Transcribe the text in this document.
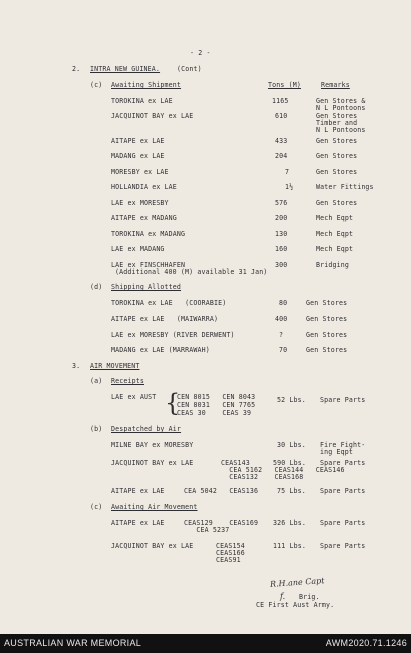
- 2 -
2. INTRA NEW GUINEA.	(Cont)
(c) Awaiting Shipment	Tons (M)	Remarks
TOROKINA ex LAE	1165	Gen Stores &
N L Pontoons
JACQUINOT BAY ex LAE	610	Gen Stores
Timber and
N L Pontoons
AITAPE ex LAE	433	Gen Stores
MADANG ex LAE	204	Gen Stores
MORESBY ex LAE	7	Gen Stores
HOLLANDIA ex LAE	1½	Water Fittings
LAE ex MORESBY	576	Gen Stores
AITAPE ex MADANG	200	Mech Eqpt
TOROKINA ex MADANG	130	Mech Eqpt
LAE ex MADANG	160	Mech Eqpt
LAE ex FINSCHHAFEN	300	Bridging
(Additional 400 (M) available 31 Jan)
(d) Shipping Allotted
TOROKINA ex LAE   (COORABIE)	80	Gen Stores
AITAPE ex LAE   (MAIWARRA)	400	Gen Stores
LAE ex MORESBY (RIVER DERWENT)	?	Gen Stores
MADANG ex LAE (MARRAWAH)	70	Gen Stores
3. AIR MOVEMENT
(a) Receipts
LAE ex AUST {
CEN 8015   CEN 8043
CEN 8031   CEN 7765
CEAS 30    CEAS 39
52 Lbs. Spare Parts
(b) Despatched by Air
MILNE BAY ex MORESBY	30 Lbs. Fire Fight-
ing Eqpt
JACQUINOT BAY ex LAE	CEAS143
CEA 5162   CEAS144   CEAS146
CEAS132    CEAS168
590 Lbs. Spare Parts
AITAPE ex LAE	CEA 5042   CEAS136	75 Lbs. Spare Parts
(c) Awaiting Air Movement
AITAPE ex LAE	CEAS129    CEAS169
CEA 5237
326 Lbs. Spare Parts
JACQUINOT BAY ex LAE	CEAS154
CEAS166
CEAS91
111 Lbs. Spare Parts
R.H.ane Capt
f. Brig.
CE First Aust Army.
AUSTRALIAN WAR MEMORIAL	AWM2020.71.1246
